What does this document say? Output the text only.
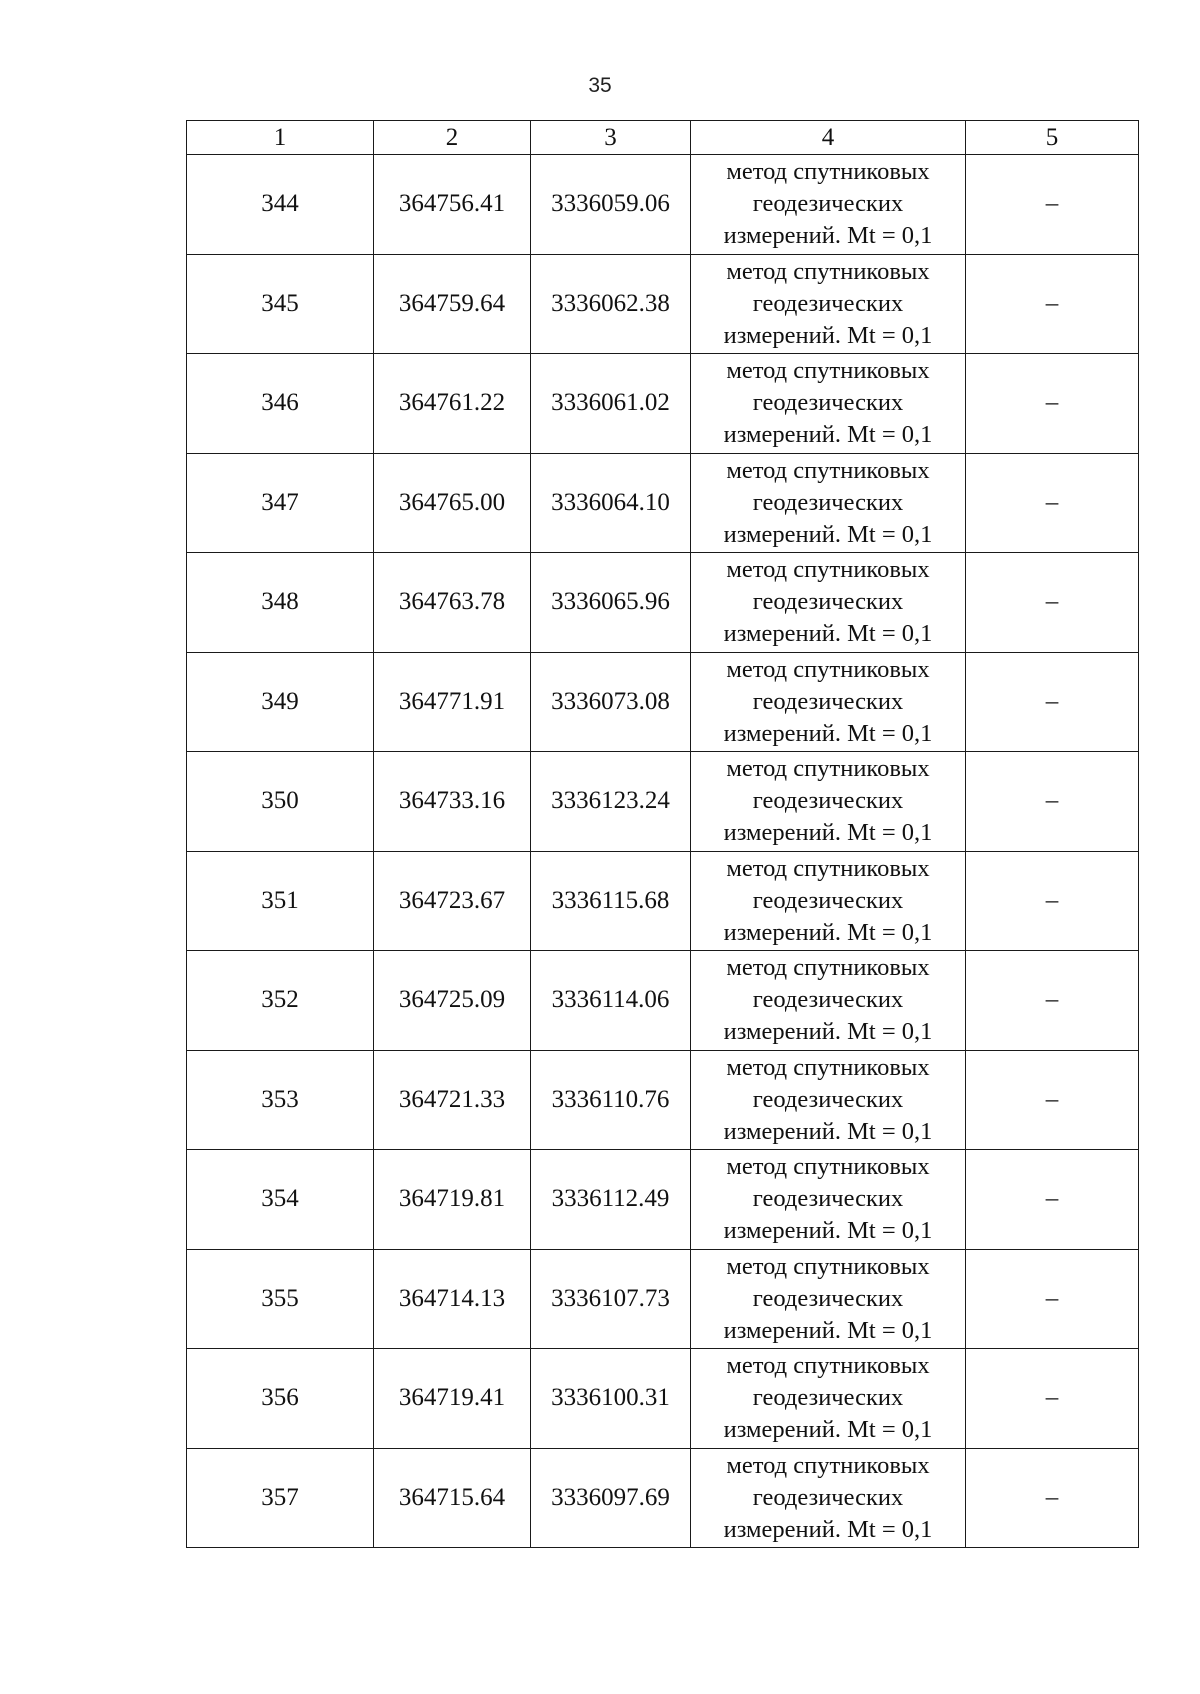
35
1	2	3	4	5
344	364756.41	3336059.06	метод спутниковых
геодезических
измерений. Mt = 0,1	–
345	364759.64	3336062.38	метод спутниковых
геодезических
измерений. Mt = 0,1	–
346	364761.22	3336061.02	метод спутниковых
геодезических
измерений. Mt = 0,1	–
347	364765.00	3336064.10	метод спутниковых
геодезических
измерений. Mt = 0,1	–
348	364763.78	3336065.96	метод спутниковых
геодезических
измерений. Mt = 0,1	–
349	364771.91	3336073.08	метод спутниковых
геодезических
измерений. Mt = 0,1	–
350	364733.16	3336123.24	метод спутниковых
геодезических
измерений. Mt = 0,1	–
351	364723.67	3336115.68	метод спутниковых
геодезических
измерений. Mt = 0,1	–
352	364725.09	3336114.06	метод спутниковых
геодезических
измерений. Mt = 0,1	–
353	364721.33	3336110.76	метод спутниковых
геодезических
измерений. Mt = 0,1	–
354	364719.81	3336112.49	метод спутниковых
геодезических
измерений. Mt = 0,1	–
355	364714.13	3336107.73	метод спутниковых
геодезических
измерений. Mt = 0,1	–
356	364719.41	3336100.31	метод спутниковых
геодезических
измерений. Mt = 0,1	–
357	364715.64	3336097.69	метод спутниковых
геодезических
измерений. Mt = 0,1	–
